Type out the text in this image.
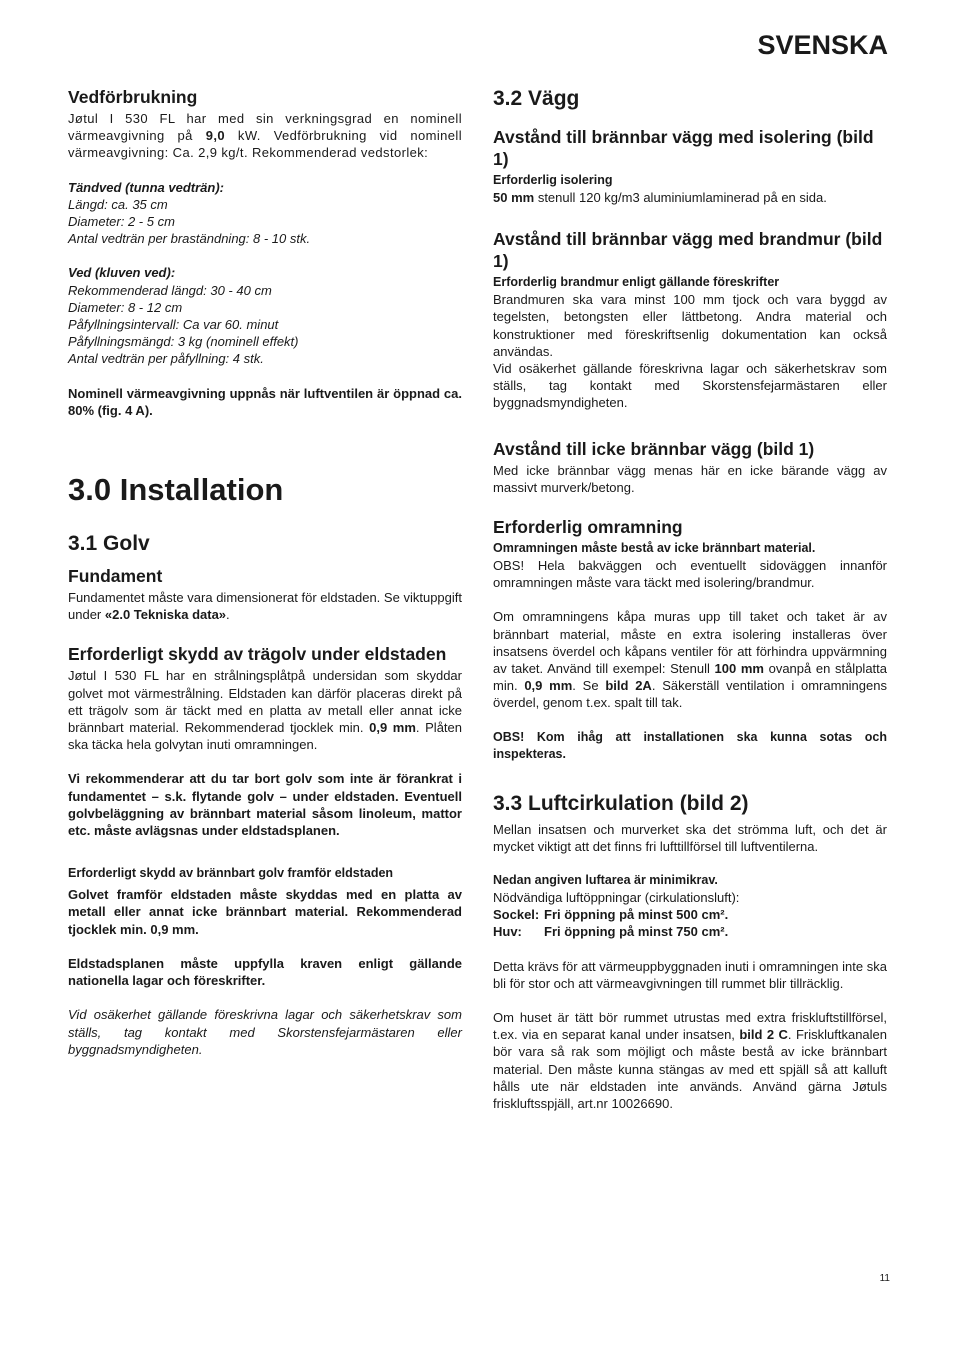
SVENSKA
Vedförbrukning

Jøtul I 530 FL har med sin verkningsgrad en nominell värmeavgivning på 9,0 kW. Vedförbrukning vid nominell värmeavgivning: Ca. 2,9 kg/t. Rekommenderad vedstorlek:

Tändved (tunna vedträn):

Längd: ca. 35 cm

Diameter: 2 - 5 cm

Antal vedträn per braständning: 8 - 10 stk.

Ved (kluven ved):

Rekommenderad längd: 30 - 40 cm

Diameter: 8 - 12 cm

Påfyllningsintervall: Ca var 60. minut

Påfyllningsmängd: 3 kg (nominell effekt)

Antal vedträn per påfyllning: 4 stk.

Nominell värmeavgivning uppnås när luftventilen är öppnad ca. 80% (fig. 4 A).

3.0 Installation
3.1 Golv
Fundament

Fundamentet måste vara dimensionerat för eldstaden. Se viktuppgift under «2.0 Tekniska data».

Erforderligt skydd av trägolv under eldstaden

Jøtul I 530 FL har en strålningsplåtpå undersidan som skyddar golvet mot värmestrålning. Eldstaden kan därför placeras direkt på ett trägolv som är täckt med en platta av metall eller annat icke brännbart material. Rekommenderad tjocklek min. 0,9 mm. Plåten ska täcka hela golvytan inuti omramningen.

Vi rekommenderar att du tar bort golv som inte är förankrat i fundamentet – s.k. flytande golv – under eldstaden. Eventuell golvbeläggning av brännbart material såsom linoleum, mattor etc. måste avlägsnas under eldstadsplanen.

Erforderligt skydd av brännbart golv framför eldstaden

Golvet framför eldstaden måste skyddas med en platta av metall eller annat icke brännbart material. Rekommenderad tjocklek min. 0,9 mm.

Eldstadsplanen måste uppfylla kraven enligt gällande nationella lagar och föreskrifter.

Vid osäkerhet gällande föreskrivna lagar och säkerhetskrav som ställs, tag kontakt med Skorstensfejarmästaren eller byggnadsmyndigheten.

3.2 Vägg
Avstånd till brännbar vägg med isolering (bild 1)

Erforderlig isolering

50 mm stenull 120 kg/m3 aluminiumlaminerad på en sida.

Avstånd till brännbar vägg med brandmur (bild 1)

Erforderlig brandmur enligt gällande föreskrifter

Brandmuren ska vara minst 100 mm tjock och vara byggd av tegelsten, betongsten eller lättbetong. Andra material och konstruktioner med föreskriftsenlig dokumentation kan också användas.

Vid osäkerhet gällande föreskrivna lagar och säkerhetskrav som ställs, tag kontakt med Skorstensfejarmästaren eller byggnadsmyndigheten.

Avstånd till icke brännbar vägg (bild 1)

Med icke brännbar vägg menas här en icke bärande vägg av massivt murverk/betong.

Erforderlig omramning

Omramningen måste bestå av icke brännbart material.

OBS! Hela bakväggen och eventuellt sidoväggen innanför omramningen måste vara täckt med isolering/brandmur.

Om omramningens kåpa muras upp till taket och taket är av brännbart material, måste en extra isolering installeras över insatsens överdel och kåpans ventiler för att förhindra uppvärmning av taket. Använd till exempel: Stenull 100 mm ovanpå en stålplatta min. 0,9 mm. Se bild 2A. Säkerställ ventilation i omramningens överdel, genom t.ex. spalt till tak.

OBS! Kom ihåg att installationen ska kunna sotas och inspekteras.

3.3 Luftcirkulation (bild 2)

Mellan insatsen och murverket ska det strömma luft, och det är mycket viktigt att det finns fri lufttillförsel till luftventilerna.

Nedan angiven luftarea är minimikrav.

Nödvändiga luftöppningar (cirkulationsluft):

Sockel: Fri öppning på minst 500 cm².

Huv: Fri öppning på minst 750 cm².

Detta krävs för att värmeuppbyggnaden inuti i omramningen inte ska bli för stor och att värmeavgivningen till rummet blir tillräcklig.

Om huset är tätt bör rummet utrustas med extra friskluftstillförsel, t.ex. via en separat kanal under insatsen, bild 2 C. Friskluftkanalen bör vara så rak som möjligt och måste bestå av icke brännbart material. Den måste kunna stängas av med ett spjäll så att kalluft hålls ute när eldstaden inte används. Använd gärna Jøtuls friskluftsspjäll, art.nr 10026690.

11
